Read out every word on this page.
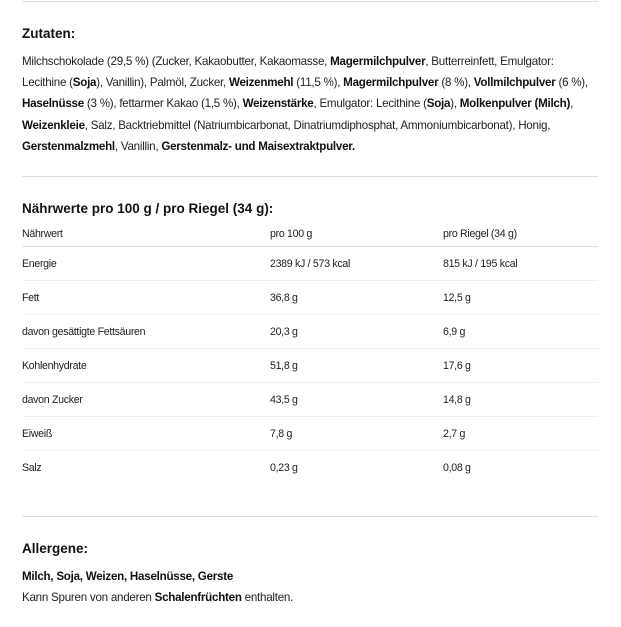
Zutaten:
Milchschokolade (29,5 %) (Zucker, Kakaobutter, Kakaomasse, Magermilchpulver, Butterreinfett, Emulgator: Lecithine (Soja), Vanillin), Palmöl, Zucker, Weizenmehl (11,5 %), Magermilchpulver (8 %), Vollmilchpulver (6 %), Haselnüsse (3 %), fettarmer Kakao (1,5 %), Weizenstärke, Emulgator: Lecithine (Soja), Molkenpulver (Milch), Weizenkleie, Salz, Backtriebmittel (Natriumbicarbonat, Dinatriumdiphosphat, Ammoniumbicarbonat), Honig, Gerstenmalzmehl, Vanillin, Gerstenmalz- und Maisextraktpulver.
Nährwerte pro 100 g / pro Riegel (34 g):
Nährwert	pro 100 g	pro Riegel (34 g)
Energie	2389 kJ / 573 kcal	815 kJ / 195 kcal
Fett	36,8 g	12,5 g
davon gesättigte Fettsäuren	20,3 g	6,9 g
Kohlenhydrate	51,8 g	17,6 g
davon Zucker	43,5 g	14,8 g
Eiweiß	7,8 g	2,7 g
Salz	0,23 g	0,08 g
Allergene:
Milch, Soja, Weizen, Haselnüsse, Gerste
Kann Spuren von anderen Schalenfrüchten enthalten.
